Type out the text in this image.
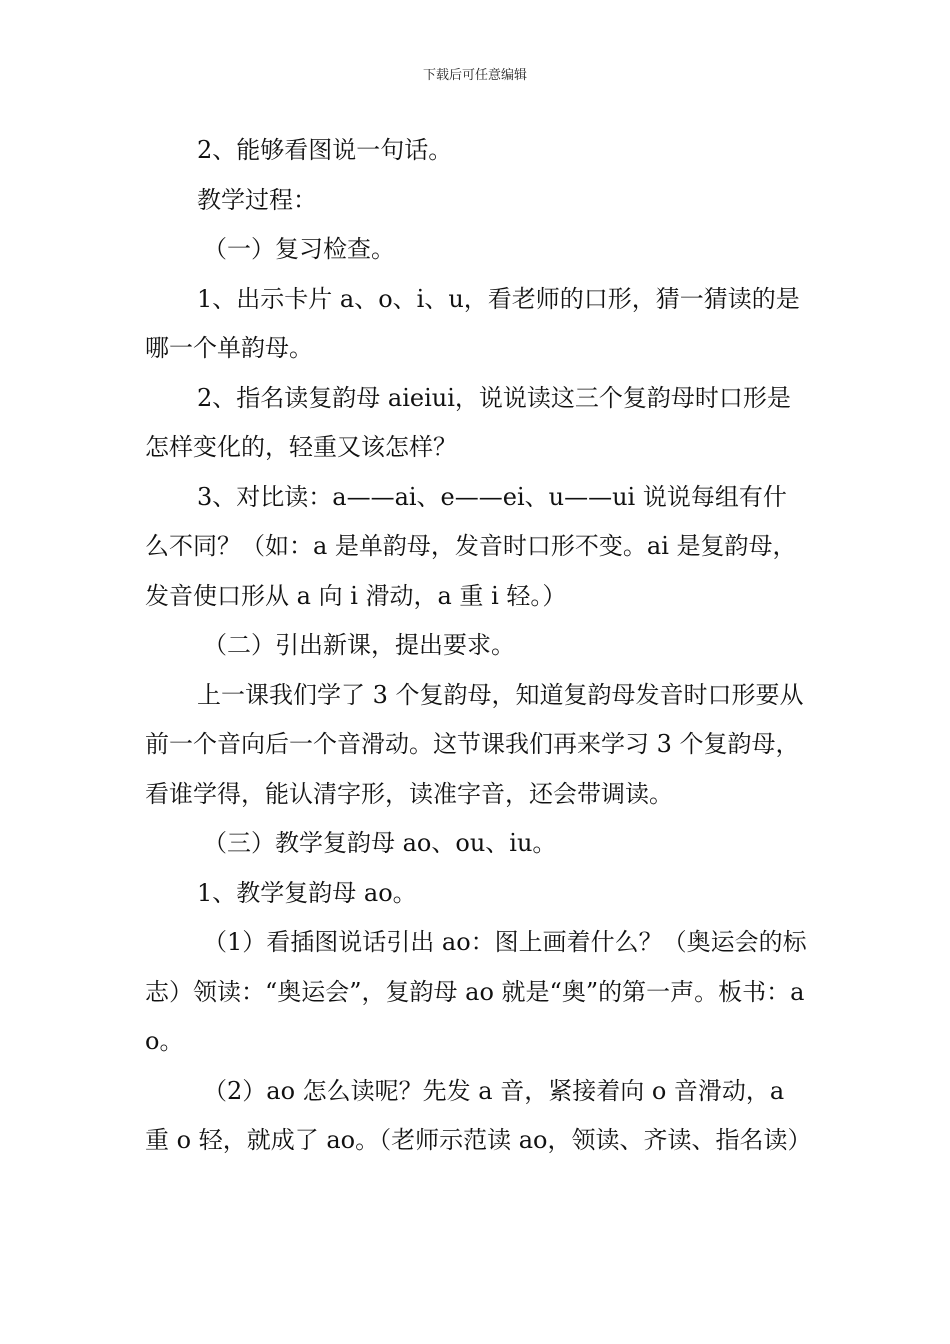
下载后可任意编辑

2、能够看图说一句话。

教学过程：

（一）复习检查。

1、出示卡片 a、o、i、u，看老师的口形，猜一猜读的是哪一个单韵母。

2、指名读复韵母 aieiui，说说读这三个复韵母时口形是怎样变化的，轻重又该怎样？

3、对比读：a——ai、e——ei、u——ui 说说每组有什么不同？（如：a 是单韵母，发音时口形不变。ai 是复韵母，发音使口形从 a 向 i 滑动，a 重 i 轻。）

（二）引出新课，提出要求。

上一课我们学了 3 个复韵母，知道复韵母发音时口形要从前一个音向后一个音滑动。这节课我们再来学习 3 个复韵母，看谁学得，能认清字形，读准字音，还会带调读。

（三）教学复韵母 ao、ou、iu。

1、教学复韵母 ao。

（1）看插图说话引出 ao：图上画着什么？（奥运会的标志）领读：“奥运会”，复韵母 ao 就是“奥”的第一声。板书：ao。

（2）ao 怎么读呢？先发 a 音，紧接着向 o 音滑动，a 重 o 轻，就成了 ao。（老师示范读 ao，领读、齐读、指名读）
